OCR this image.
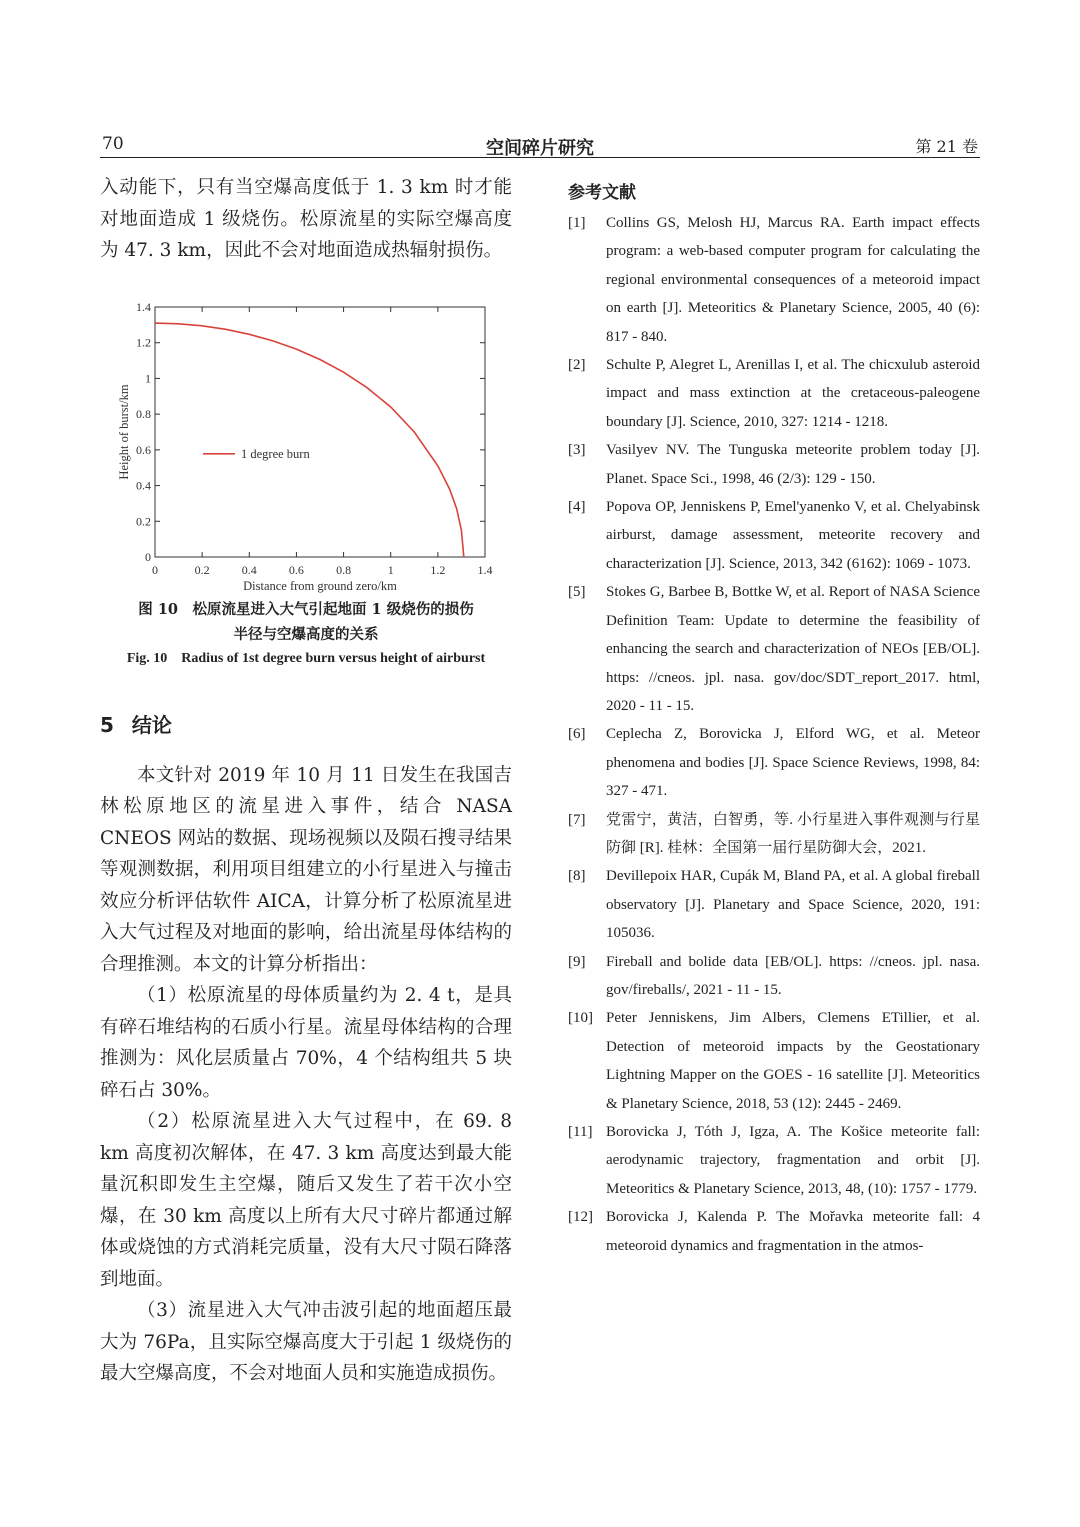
70	空间碎片研究	第 21 卷

入动能下，只有当空爆高度低于 1. 3 km 时才能对地面造成 1 级烧伤。松原流星的实际空爆高度为 47. 3 km，因此不会对地面造成热辐射损伤。

0	0.2	0.4	0.6	0.8	1	1.2	1.4
0
0.2
0.4
0.6
0.8
1
1.2
1.4
Distance from ground zero/km
Height of burst/km	1 degree burn
图 10　松原流星进入大气引起地面 1 级烧伤的损伤
半径与空爆高度的关系
Fig. 10　Radius of 1st degree burn versus height of airburst
5 结论

本文针对 2019 年 10 月 11 日发生在我国吉林松原地区的流星进入事件，结合 NASA CNEOS 网站的数据、现场视频以及陨石搜寻结果等观测数据，利用项目组建立的小行星进入与撞击效应分析评估软件 AICA，计算分析了松原流星进入大气过程及对地面的影响，给出流星母体结构的合理推测。本文的计算分析指出：

（1）松原流星的母体质量约为 2. 4 t，是具有碎石堆结构的石质小行星。流星母体结构的合理推测为：风化层质量占 70%，4 个结构组共 5 块碎石占 30%。

（2）松原流星进入大气过程中，在 69. 8 km 高度初次解体，在 47. 3 km 高度达到最大能量沉积即发生主空爆，随后又发生了若干次小空爆，在 30 km 高度以上所有大尺寸碎片都通过解体或烧蚀的方式消耗完质量，没有大尺寸陨石降落到地面。

（3）流星进入大气冲击波引起的地面超压最大为 76Pa，且实际空爆高度大于引起 1 级烧伤的最大空爆高度，不会对地面人员和实施造成损伤。

参考文献
[1] Collins GS, Melosh HJ, Marcus RA. Earth impact effects program: a web-based computer program for calculating the regional environmental consequences of a meteoroid impact on earth [J]. Meteoritics & Planetary Science, 2005, 40 (6): 817 - 840.
[2] Schulte P, Alegret L, Arenillas I, et al. The chicxulub asteroid impact and mass extinction at the cretaceous-paleogene boundary [J]. Science, 2010, 327: 1214 - 1218.
[3] Vasilyev NV. The Tunguska meteorite problem today [J]. Planet. Space Sci., 1998, 46 (2/3): 129 - 150.
[4] Popova OP, Jenniskens P, Emel'yanenko V, et al. Chelyabinsk airburst, damage assessment, meteorite recovery and characterization [J]. Science, 2013, 342 (6162): 1069 - 1073.
[5] Stokes G, Barbee B, Bottke W, et al. Report of NASA Science Definition Team: Update to determine the feasibility of enhancing the search and characterization of NEOs [EB/OL]. https: //cneos. jpl. nasa. gov/doc/SDT_report_2017. html, 2020 - 11 - 15.
[6] Ceplecha Z, Borovicka J, Elford WG, et al. Meteor phenomena and bodies [J]. Space Science Reviews, 1998, 84: 327 - 471.
[7] 党雷宁，黄洁，白智勇，等. 小行星进入事件观测与行星防御 [R]. 桂林：全国第一届行星防御大会，2021.
[8] Devillepoix HAR, Cupák M, Bland PA, et al. A global fireball observatory [J]. Planetary and Space Science, 2020, 191: 105036.
[9] Fireball and bolide data [EB/OL]. https: //cneos. jpl. nasa. gov/fireballs/, 2021 - 11 - 15.
[10] Peter Jenniskens, Jim Albers, Clemens ETillier, et al. Detection of meteoroid impacts by the Geostationary Lightning Mapper on the GOES - 16 satellite [J]. Meteoritics & Planetary Science, 2018, 53 (12): 2445 - 2469.
[11] Borovicka J, Tóth J, Igza, A. The Košice meteorite fall: aerodynamic trajectory, fragmentation and orbit [J]. Meteoritics & Planetary Science, 2013, 48, (10): 1757 - 1779.
[12] Borovicka J, Kalenda P. The Mořavka meteorite fall: 4 meteoroid dynamics and fragmentation in the atmos-
